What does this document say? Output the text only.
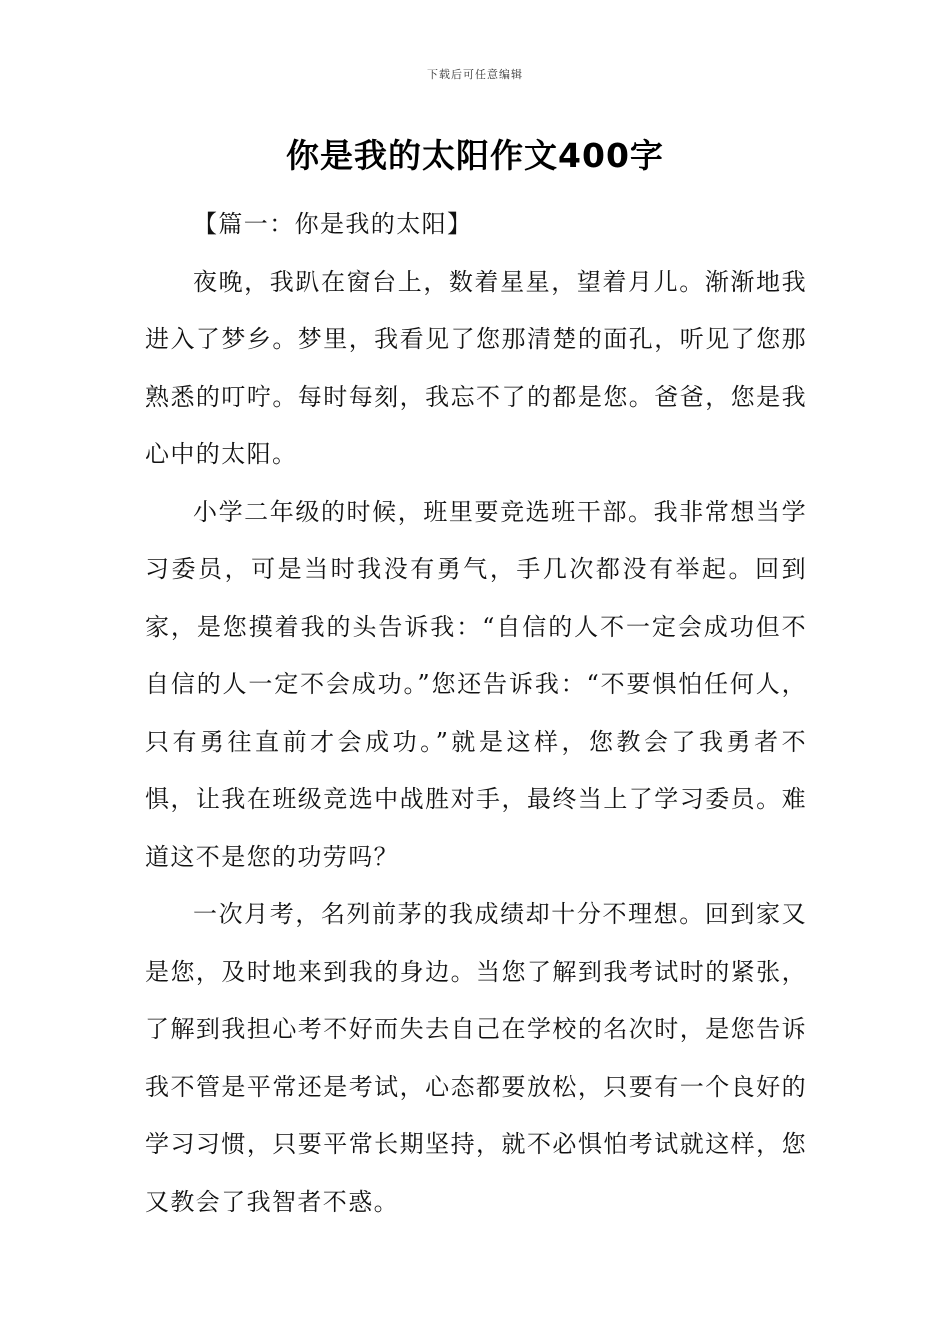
下载后可任意编辑
你是我的太阳作文400字

【篇一：你是我的太阳】

夜晚，我趴在窗台上，数着星星，望着月儿。渐渐地我进入了梦乡。梦里，我看见了您那清楚的面孔，听见了您那熟悉的叮咛。每时每刻，我忘不了的都是您。爸爸，您是我心中的太阳。

小学二年级的时候，班里要竞选班干部。我非常想当学习委员，可是当时我没有勇气，手几次都没有举起。回到家，是您摸着我的头告诉我：“自信的人不一定会成功但不自信的人一定不会成功。”您还告诉我：“不要惧怕任何人，只有勇往直前才会成功。”就是这样，您教会了我勇者不惧，让我在班级竞选中战胜对手，最终当上了学习委员。难道这不是您的功劳吗？

一次月考，名列前茅的我成绩却十分不理想。回到家又是您，及时地来到我的身边。当您了解到我考试时的紧张，了解到我担心考不好而失去自己在学校的名次时，是您告诉我不管是平常还是考试，心态都要放松，只要有一个良好的学习习惯，只要平常长期坚持，就不必惧怕考试就这样，您又教会了我智者不惑。
